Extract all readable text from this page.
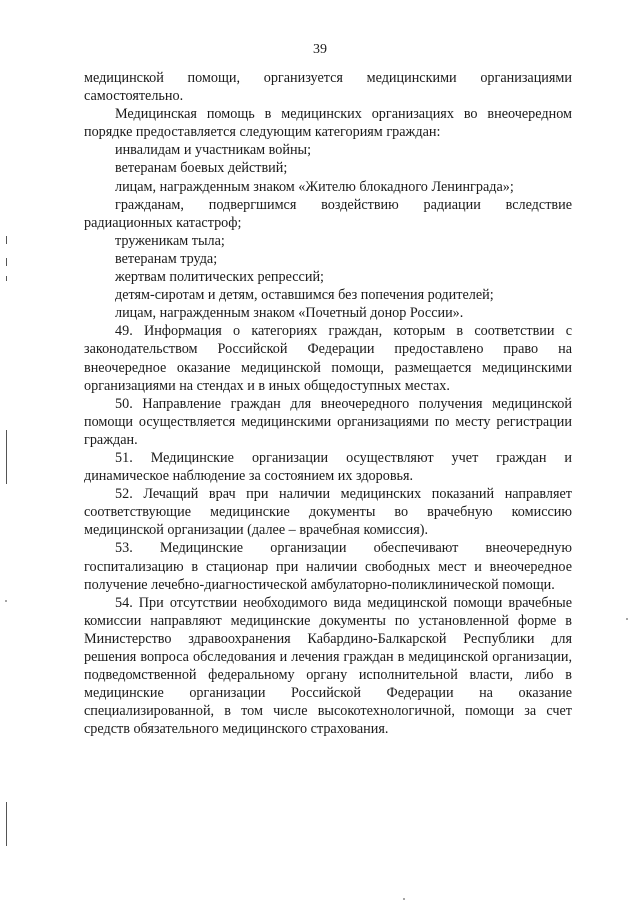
39

медицинской помощи, организуется медицинскими организациями самостоятельно.

Медицинская помощь в медицинских организациях во внеочередном порядке предоставляется следующим категориям граждан:

инвалидам и участникам войны;

ветеранам боевых действий;

лицам, награжденным знаком «Жителю блокадного Ленинграда»;

гражданам, подвергшимся воздействию радиации вследствие радиационных катастроф;

труженикам тыла;

ветеранам труда;

жертвам политических репрессий;

детям-сиротам и детям, оставшимся без попечения родителей;

лицам, награжденным знаком «Почетный донор России».

49. Информация о категориях граждан, которым в соответствии с законодательством Российской Федерации предоставлено право на внеочередное оказание медицинской помощи, размещается медицинскими организациями на стендах и в иных общедоступных местах.

50. Направление граждан для внеочередного получения медицинской помощи осуществляется медицинскими организациями по месту регистрации граждан.

51. Медицинские организации осуществляют учет граждан и динамическое наблюдение за состоянием их здоровья.

52. Лечащий врач при наличии медицинских показаний направляет соответствующие медицинские документы во врачебную комиссию медицинской организации (далее – врачебная комиссия).

53. Медицинские организации обеспечивают внеочередную госпитализацию в стационар при наличии свободных мест и внеочередное получение лечебно-диагностической амбулаторно-поликлинической помощи.

54. При отсутствии необходимого вида медицинской помощи врачебные комиссии направляют медицинские документы по установленной форме в Министерство здравоохранения Кабардино-Балкарской Республики для решения вопроса обследования и лечения граждан в медицинской организации, подведомственной федеральному органу исполнительной власти, либо в медицинские организации Российской Федерации на оказание специализированной, в том числе высокотехнологичной, помощи за счет средств обязательного медицинского страхования.
